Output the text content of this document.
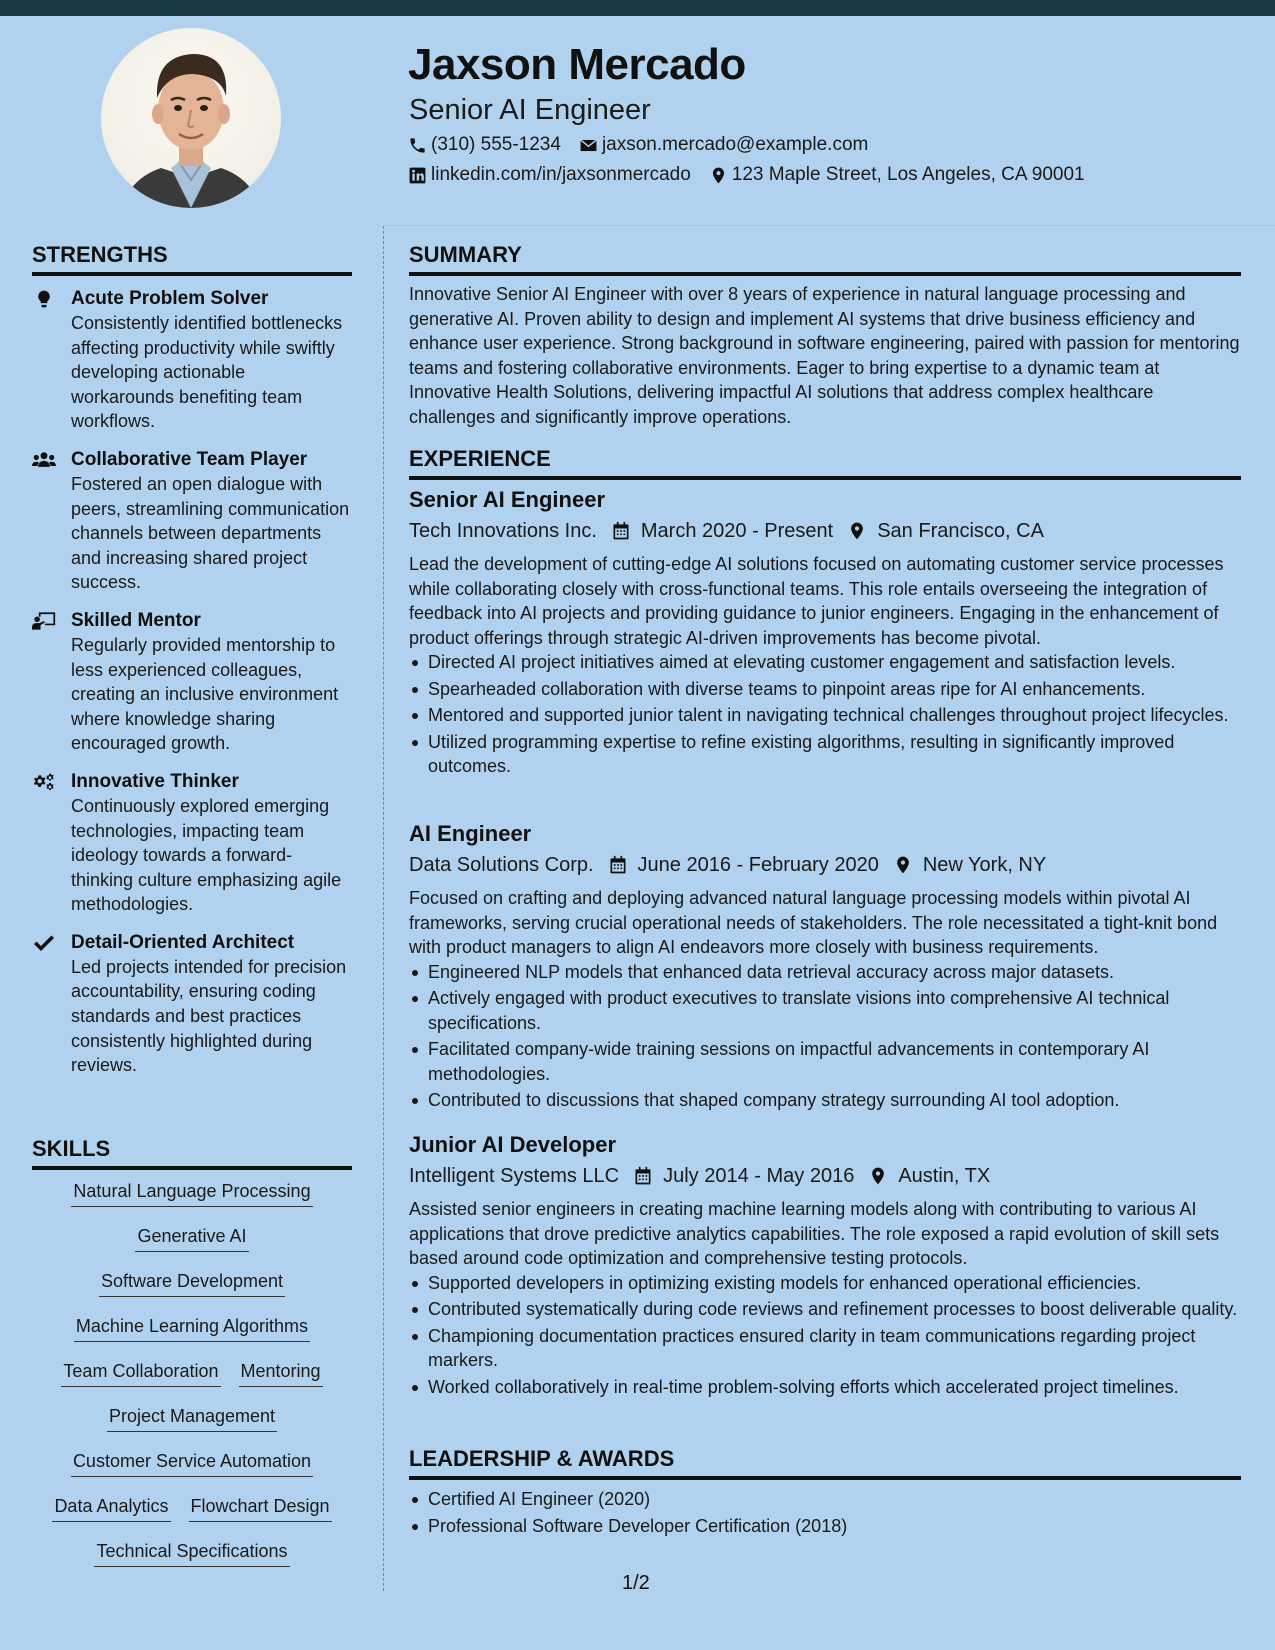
Jaxson Mercado
Senior AI Engineer
(310) 555-1234 jaxson.mercado@example.com
linkedin.com/in/jaxsonmercado 123 Maple Street, Los Angeles, CA 90001
STRENGTHS
Acute Problem Solver
Consistently identified bottlenecks affecting productivity while swiftly developing actionable workarounds benefiting team workflows.
Collaborative Team Player
Fostered an open dialogue with peers, streamlining communication channels between departments and increasing shared project success.
Skilled Mentor
Regularly provided mentorship to less experienced colleagues, creating an inclusive environment where knowledge sharing encouraged growth.
Innovative Thinker
Continuously explored emerging technologies, impacting team ideology towards a forward-thinking culture emphasizing agile methodologies.
Detail-Oriented Architect
Led projects intended for precision accountability, ensuring coding standards and best practices consistently highlighted during reviews.
SKILLS
Natural Language Processing
Generative AI
Software Development
Machine Learning Algorithms
Team Collaboration Mentoring
Project Management
Customer Service Automation
Data Analytics Flowchart Design
Technical Specifications
SUMMARY
Innovative Senior AI Engineer with over 8 years of experience in natural language processing and generative AI. Proven ability to design and implement AI systems that drive business efficiency and enhance user experience. Strong background in software engineering, paired with passion for mentoring teams and fostering collaborative environments. Eager to bring expertise to a dynamic team at Innovative Health Solutions, delivering impactful AI solutions that address complex healthcare challenges and significantly improve operations.
EXPERIENCE
Senior AI Engineer
Tech Innovations Inc. March 2020 - Present San Francisco, CA
Lead the development of cutting-edge AI solutions focused on automating customer service processes while collaborating closely with cross-functional teams. This role entails overseeing the integration of feedback into AI projects and providing guidance to junior engineers. Engaging in the enhancement of product offerings through strategic AI-driven improvements has become pivotal.
Directed AI project initiatives aimed at elevating customer engagement and satisfaction levels.
Spearheaded collaboration with diverse teams to pinpoint areas ripe for AI enhancements.
Mentored and supported junior talent in navigating technical challenges throughout project lifecycles.
Utilized programming expertise to refine existing algorithms, resulting in significantly improved outcomes.
AI Engineer
Data Solutions Corp. June 2016 - February 2020 New York, NY
Focused on crafting and deploying advanced natural language processing models within pivotal AI frameworks, serving crucial operational needs of stakeholders. The role necessitated a tight-knit bond with product managers to align AI endeavors more closely with business requirements.
Engineered NLP models that enhanced data retrieval accuracy across major datasets.
Actively engaged with product executives to translate visions into comprehensive AI technical specifications.
Facilitated company-wide training sessions on impactful advancements in contemporary AI methodologies.
Contributed to discussions that shaped company strategy surrounding AI tool adoption.
Junior AI Developer
Intelligent Systems LLC July 2014 - May 2016 Austin, TX
Assisted senior engineers in creating machine learning models along with contributing to various AI applications that drove predictive analytics capabilities. The role exposed a rapid evolution of skill sets based around code optimization and comprehensive testing protocols.
Supported developers in optimizing existing models for enhanced operational efficiencies.
Contributed systematically during code reviews and refinement processes to boost deliverable quality.
Championing documentation practices ensured clarity in team communications regarding project markers.
Worked collaboratively in real-time problem-solving efforts which accelerated project timelines.
LEADERSHIP & AWARDS
Certified AI Engineer (2020)
Professional Software Developer Certification (2018)
1/2
